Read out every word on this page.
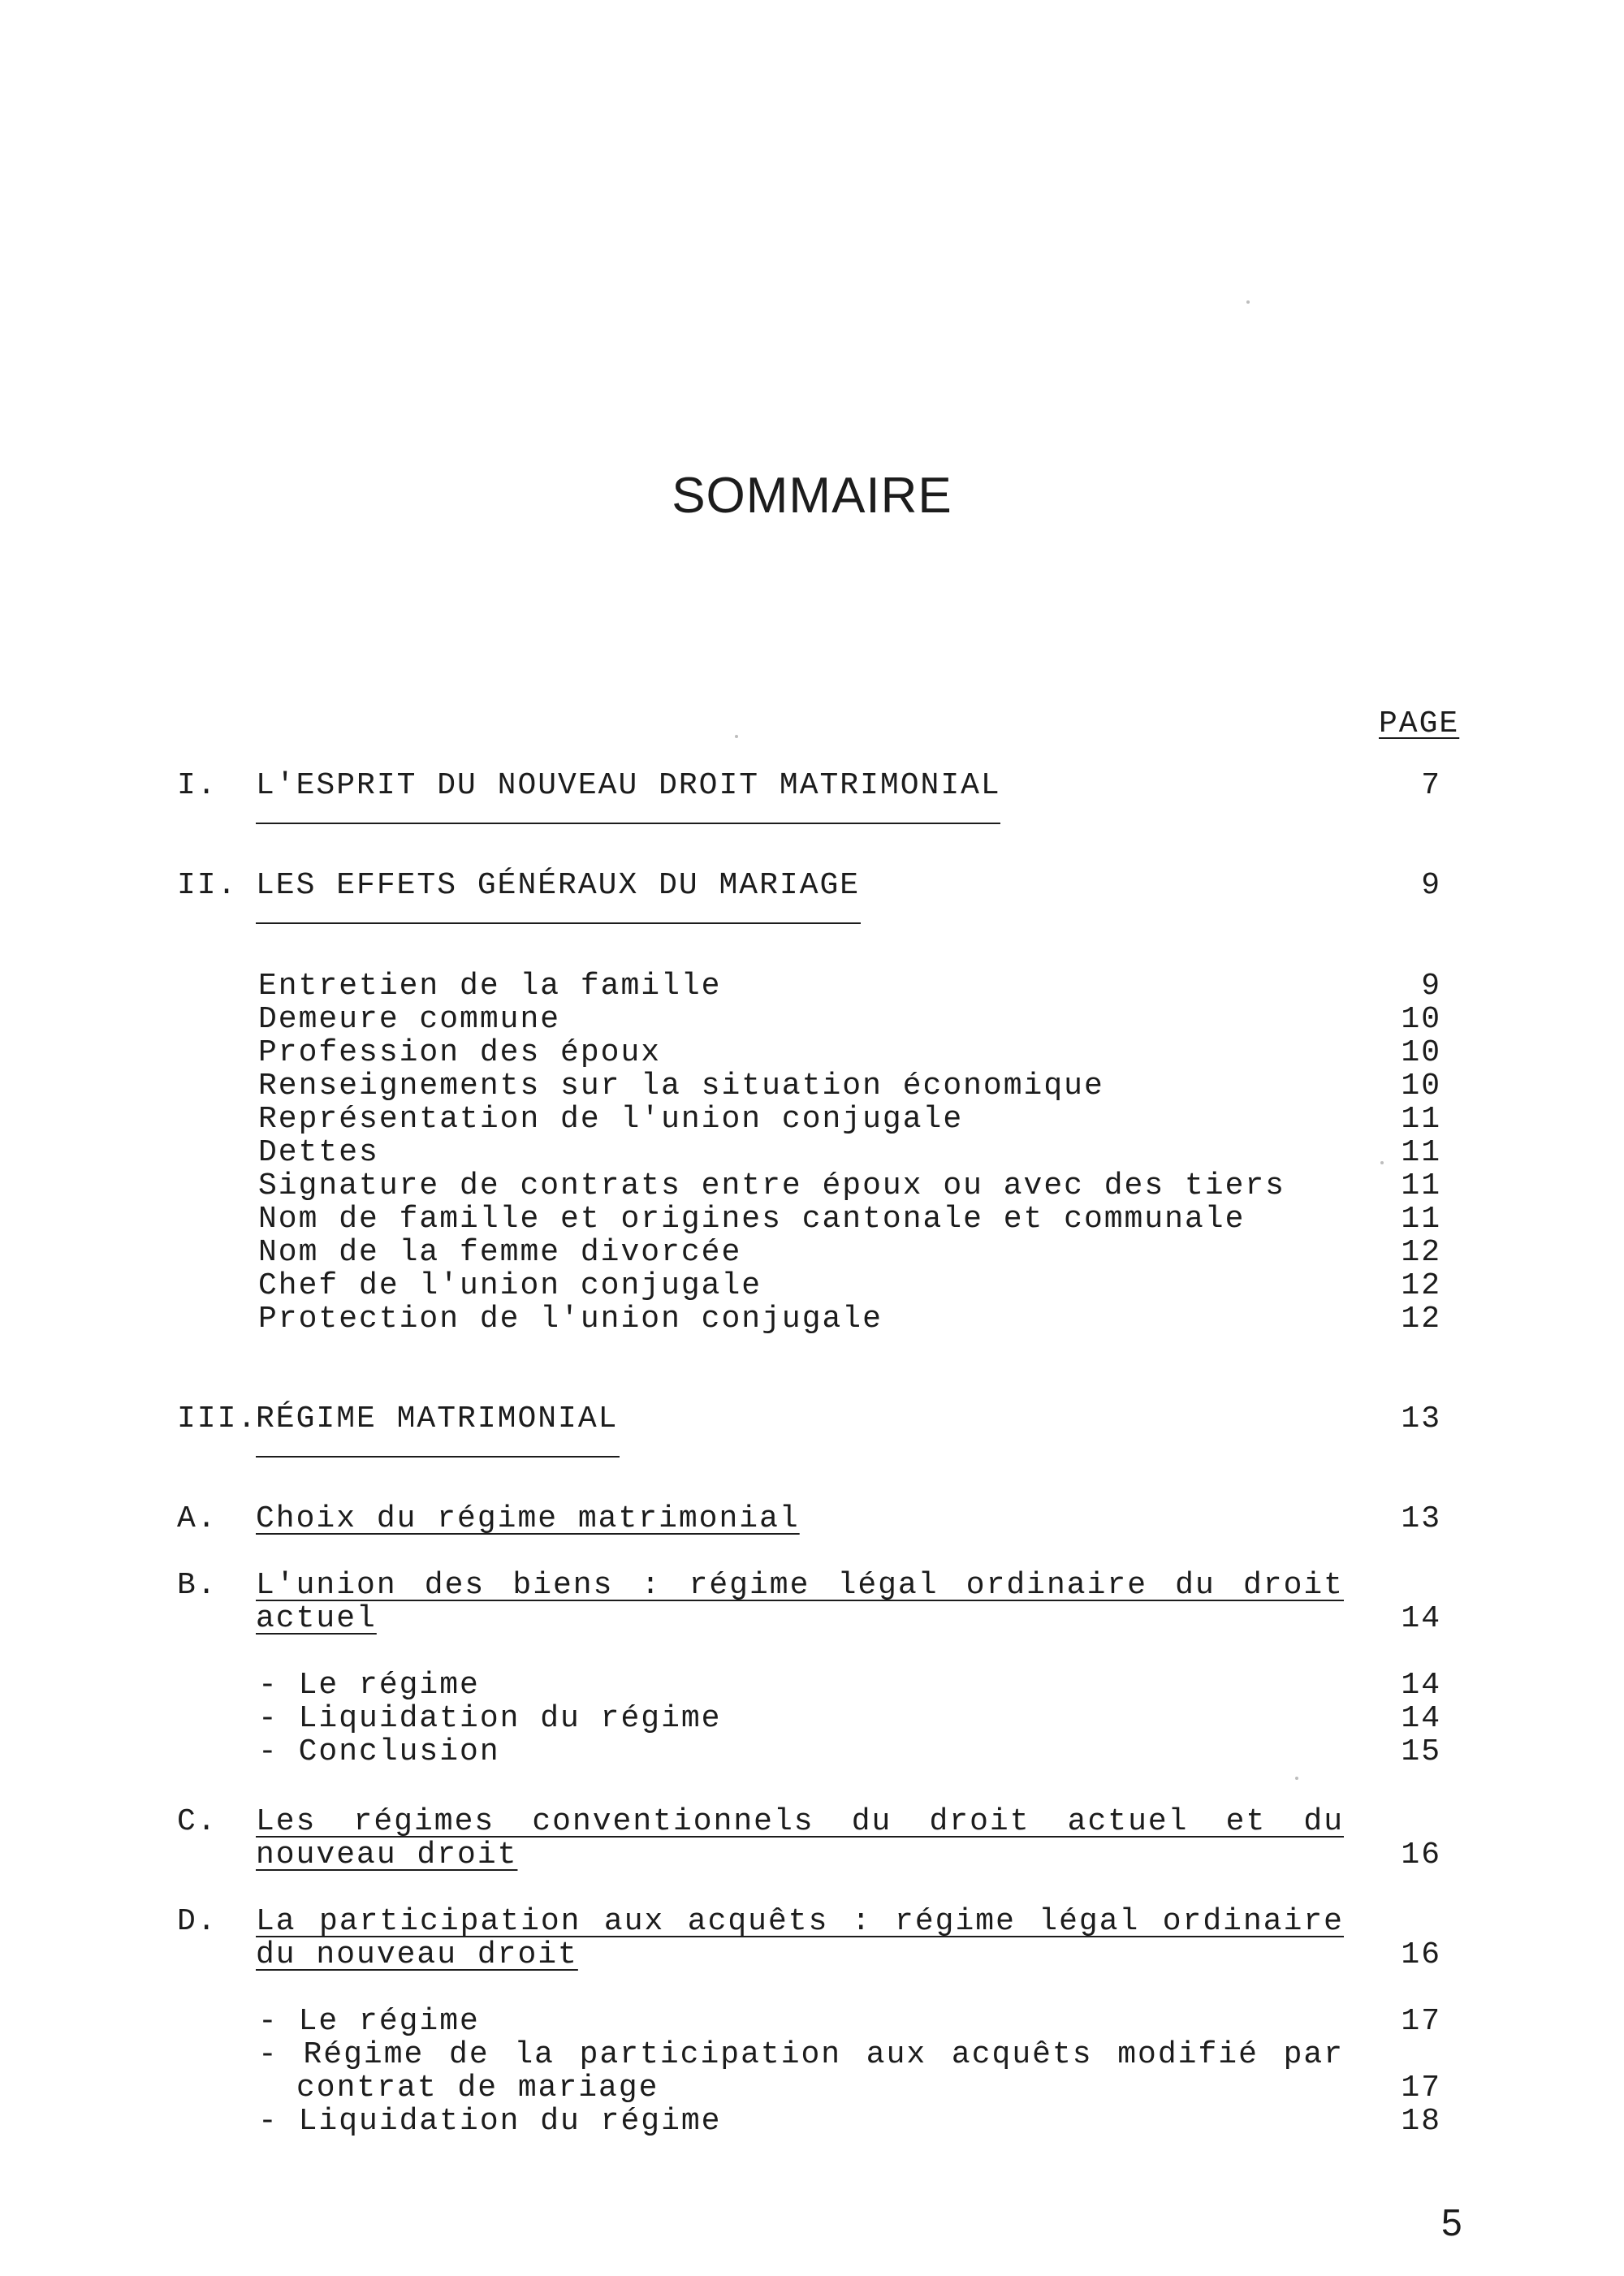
SOMMAIRE
PAGE
I. L'ESPRIT DU NOUVEAU DROIT MATRIMONIAL	7
II. LES EFFETS GÉNÉRAUX DU MARIAGE	9
Entretien de la famille	9
Demeure commune	10
Profession des époux	10
Renseignements sur la situation économique	10
Représentation de l'union conjugale	11
Dettes	11
Signature de contrats entre époux ou avec des tiers	11
Nom de famille et origines cantonale et communale	11
Nom de la femme divorcée	12
Chef de l'union conjugale	12
Protection de l'union conjugale	12
III.
RÉGIME MATRIMONIAL	13
A. Choix du régime matrimonial	13
B. L'union des biens : régime légal ordinaire du droit
actuel	14
- Le régime	14
- Liquidation du régime	14
- Conclusion	15
C. Les régimes conventionnels du droit actuel et du
nouveau droit	16
D. La participation aux acquêts : régime légal ordinaire
du nouveau droit	16
- Le régime	17
- Régime de la participation aux acquêts modifié par
contrat de mariage	17
- Liquidation du régime	18
5
